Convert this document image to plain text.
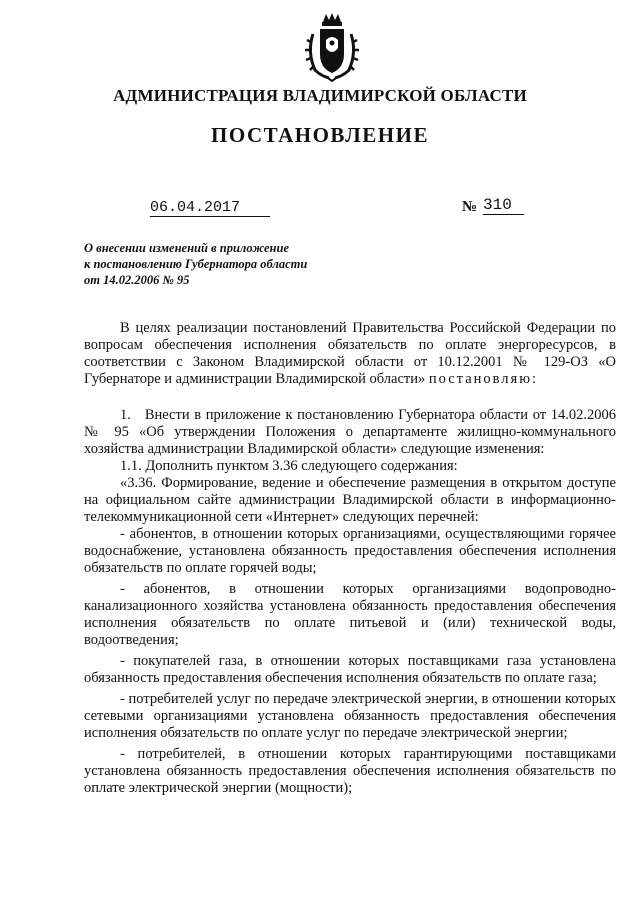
АДМИНИСТРАЦИЯ ВЛАДИМИРСКОЙ ОБЛАСТИ
ПОСТАНОВЛЕНИЕ
06.04.2017	№ 310
О внесении изменений в приложение
к постановлению Губернатора области
от 14.02.2006 № 95

В целях реализации постановлений Правительства Российской Федерации по вопросам обеспечения исполнения обязательств по оплате энергоресурсов, в соответствии с Законом Владимирской области от 10.12.2001 № 129-ОЗ «О Губернаторе и администрации Владимирской области» постановляю:

1.   Внести в приложение к постановлению Губернатора области от 14.02.2006 № 95 «Об утверждении Положения о департаменте жилищно-коммунального хозяйства администрации Владимирской области» следующие изменения:

1.1. Дополнить пунктом 3.36 следующего содержания:

«3.36. Формирование, ведение и обеспечение размещения в открытом доступе на официальном сайте администрации Владимирской области в информационно-телекоммуникационной сети «Интернет» следующих перечней:

- абонентов, в отношении которых организациями, осуществляющими горячее водоснабжение, установлена обязанность предоставления обеспечения исполнения обязательств по оплате горячей воды;

- абонентов, в отношении которых организациями водопроводно-канализационного хозяйства установлена обязанность предоставления обеспечения исполнения обязательств по оплате питьевой и (или) технической воды, водоотведения;

- покупателей газа, в отношении которых поставщиками газа установлена обязанность предоставления обеспечения исполнения обязательств по оплате газа;

- потребителей услуг по передаче электрической энергии, в отношении которых сетевыми организациями установлена обязанность предоставления обеспечения исполнения обязательств по оплате услуг по передаче электрической энергии;

- потребителей, в отношении которых гарантирующими поставщиками установлена обязанность предоставления обеспечения исполнения обязательств по оплате электрической энергии (мощности);
